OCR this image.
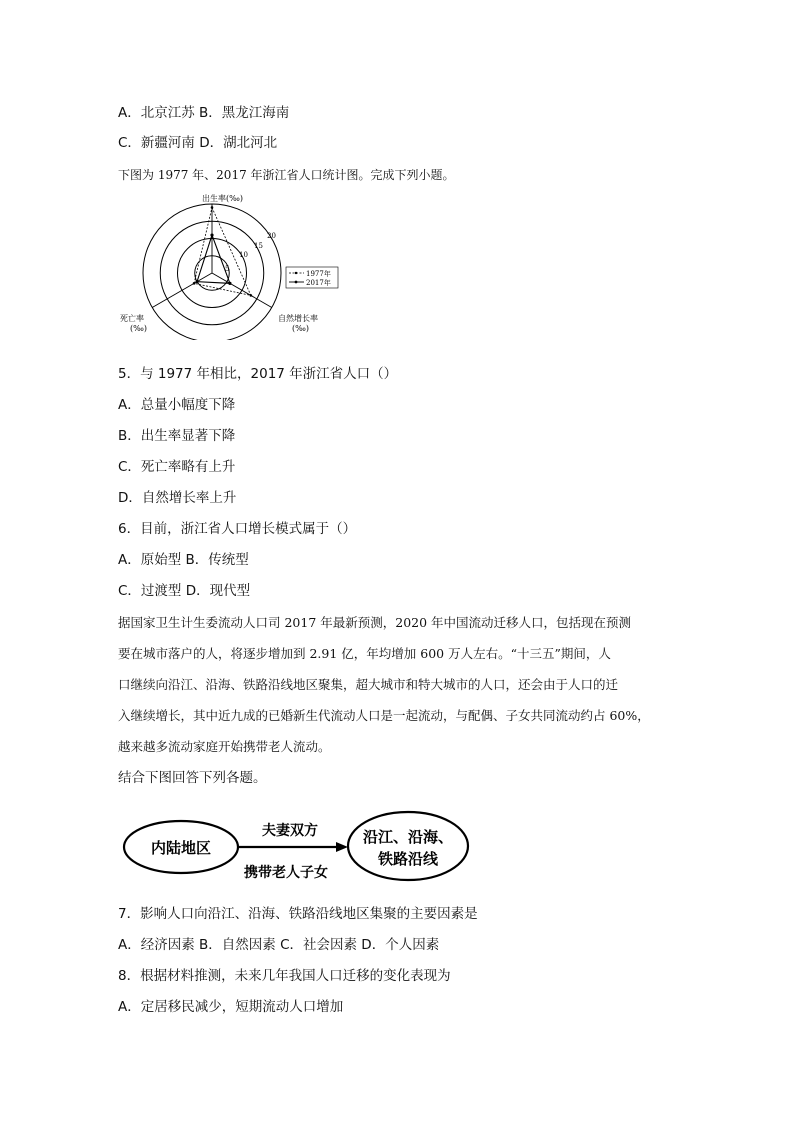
A．北京江苏 B．黑龙江海南
C．新疆河南 D．湖北河北
下图为 1977 年、2017 年浙江省人口统计图。完成下列小题。
出生率(‰)
死亡率
(‰)
自然增长率
(‰)
5
10
15
20
1977年
2017年
5．与 1977 年相比，2017 年浙江省人口（）
A．总量小幅度下降
B．出生率显著下降
C．死亡率略有上升
D．自然增长率上升
6．目前，浙江省人口增长模式属于（）
A．原始型 B．传统型
C．过渡型 D．现代型
据国家卫生计生委流动人口司 2017 年最新预测，2020 年中国流动迁移人口，包括现在预测
要在城市落户的人，将逐步增加到 2.91 亿，年均增加 600 万人左右。“十三五”期间，人
口继续向沿江、沿海、铁路沿线地区聚集，超大城市和特大城市的人口，还会由于人口的迁
入继续增长，其中近九成的已婚新生代流动人口是一起流动，与配偶、子女共同流动约占 60%，
越来越多流动家庭开始携带老人流动。
结合下图回答下列各题。
内陆地区
沿江、沿海、
铁路沿线
夫妻双方
携带老人子女
7．影响人口向沿江、沿海、铁路沿线地区集聚的主要因素是
A．经济因素 B．自然因素 C．社会因素 D．个人因素
8．根据材料推测，未来几年我国人口迁移的变化表现为
A．定居移民减少，短期流动人口增加
